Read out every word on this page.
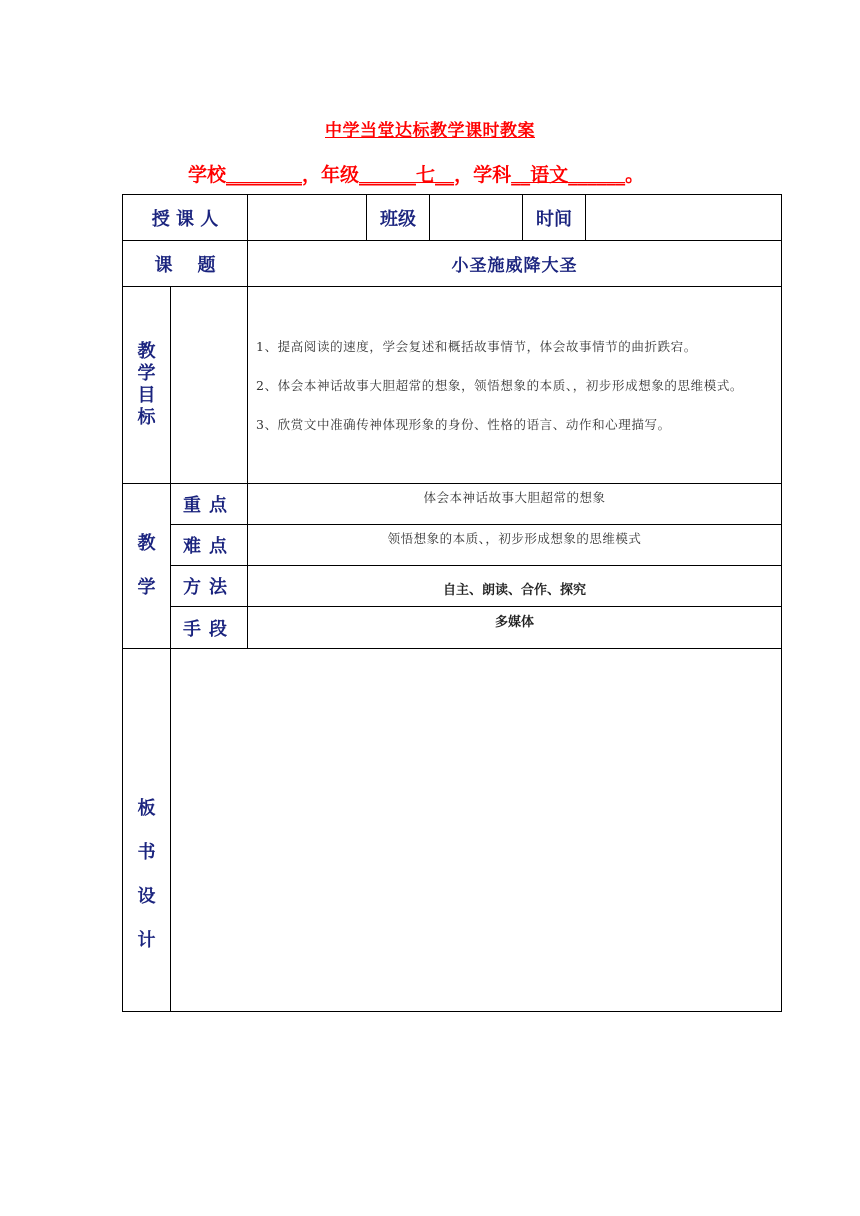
中学当堂达标教学课时教案
学校________，年级______七__，学科__语文______。
授 课 人			班级		时间	
课    题		小圣施威降大圣				
教学目标		1、提高阅读的速度，学会复述和概括故事情节，体会故事情节的曲折跌宕。
2、体会本神话故事大胆超常的想象，领悟想象的本质、，初步形成想象的思维模式。
3、欣赏文中准确传神体现形象的身份、性格的语言、动作和心理描写。				

教学	重点	体会本神话故事大胆超常的想象				
	难点	领悟想象的本质、，初步形成想象的思维模式				
	方法	自主、朗读、合作、探究				
	手段	多媒体				
板书设计						
